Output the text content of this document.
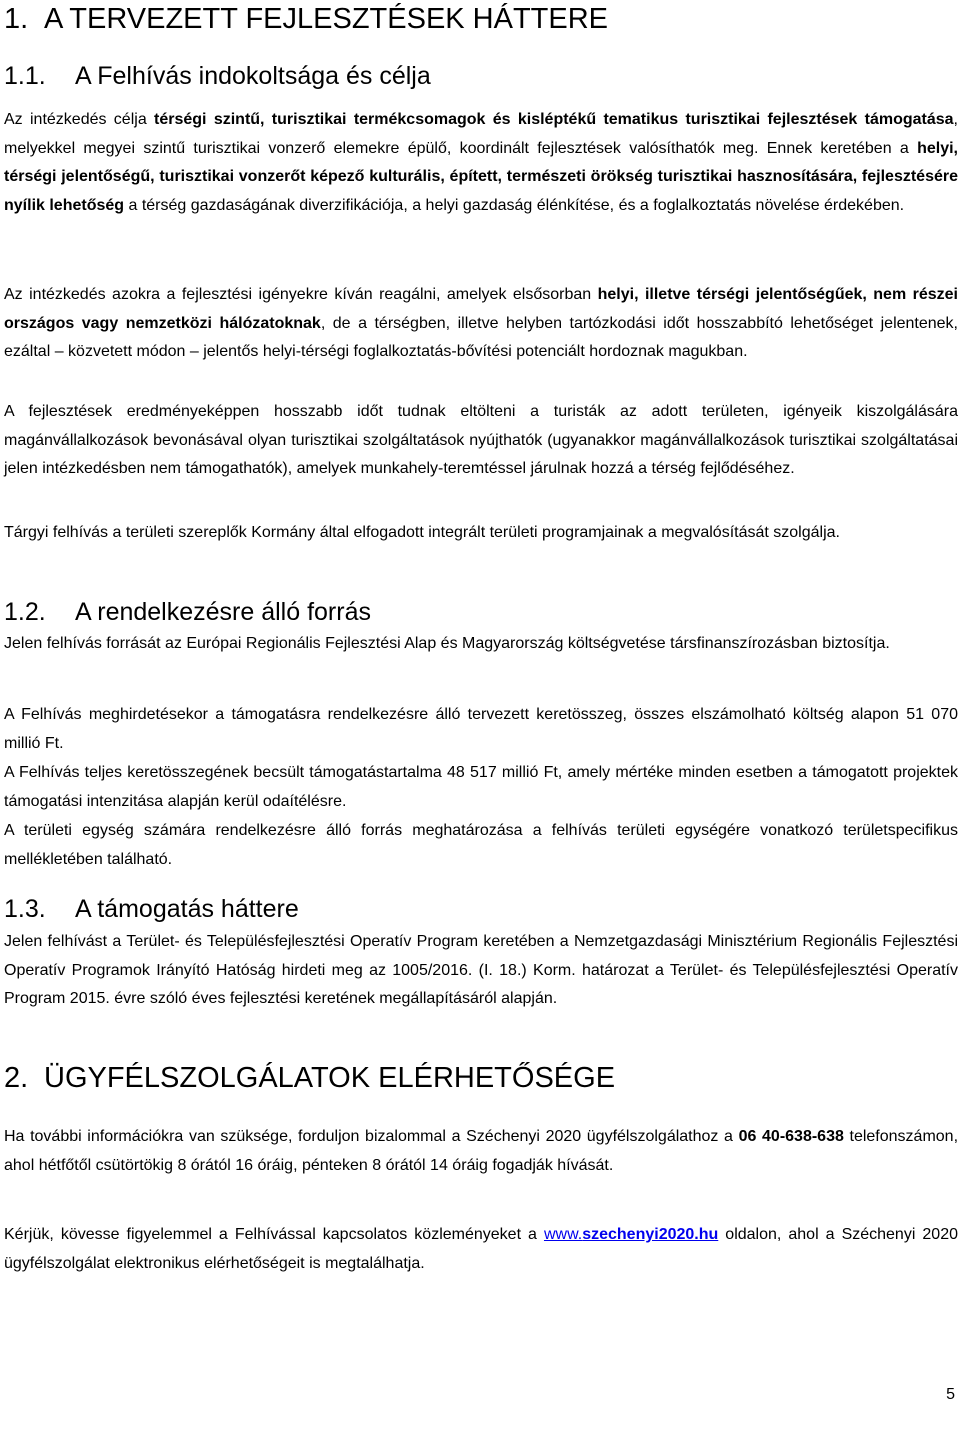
1. A TERVEZETT FEJLESZTÉSEK HÁTTERE
1.1. A Felhívás indokoltsága és célja

Az intézkedés célja térségi szintű, turisztikai termékcsomagok és kisléptékű tematikus turisztikai fejlesztések támogatása, melyekkel megyei szintű turisztikai vonzerő elemekre épülő, koordinált fejlesztések valósíthatók meg. Ennek keretében a helyi, térségi jelentőségű, turisztikai vonzerőt képező kulturális, épített, természeti örökség turisztikai hasznosítására, fejlesztésére nyílik lehetőség a térség gazdaságának diverzifikációja, a helyi gazdaság élénkítése, és a foglalkoztatás növelése érdekében.

Az intézkedés azokra a fejlesztési igényekre kíván reagálni, amelyek elsősorban helyi, illetve térségi jelentőségűek, nem részei országos vagy nemzetközi hálózatoknak, de a térségben, illetve helyben tartózkodási időt hosszabbító lehetőséget jelentenek, ezáltal – közvetett módon – jelentős helyi-térségi foglalkoztatás-bővítési potenciált hordoznak magukban.

A fejlesztések eredményeképpen hosszabb időt tudnak eltölteni a turisták az adott területen, igényeik kiszolgálására magánvállalkozások bevonásával olyan turisztikai szolgáltatások nyújthatók (ugyanakkor magánvállalkozások turisztikai szolgáltatásai jelen intézkedésben nem támogathatók), amelyek munkahely-teremtéssel járulnak hozzá a térség fejlődéséhez.

Tárgyi felhívás a területi szereplők Kormány által elfogadott integrált területi programjainak a megvalósítását szolgálja.

1.2. A rendelkezésre álló forrás

Jelen felhívás forrását az Európai Regionális Fejlesztési Alap és Magyarország költségvetése társfinanszírozásban biztosítja.

A Felhívás meghirdetésekor a támogatásra rendelkezésre álló tervezett keretösszeg, összes elszámolható költség alapon 51 070 millió Ft.

A Felhívás teljes keretösszegének becsült támogatástartalma 48 517 millió Ft, amely mértéke minden esetben a támogatott projektek támogatási intenzitása alapján kerül odaítélésre.

A területi egység számára rendelkezésre álló forrás meghatározása a felhívás területi egységére vonatkozó területspecifikus mellékletében található.

1.3. A támogatás háttere

Jelen felhívást a Terület- és Településfejlesztési Operatív Program keretében a Nemzetgazdasági Minisztérium Regionális Fejlesztési Operatív Programok Irányító Hatóság hirdeti meg az 1005/2016. (I. 18.) Korm. határozat a Terület- és Településfejlesztési Operatív Program 2015. évre szóló éves fejlesztési keretének megállapításáról alapján.

2. ÜGYFÉLSZOLGÁLATOK ELÉRHETŐSÉGE

Ha további információkra van szüksége, forduljon bizalommal a Széchenyi 2020 ügyfélszolgálathoz a 06 40-638-638 telefonszámon, ahol hétfőtől csütörtökig 8 órától 16 óráig, pénteken 8 órától 14 óráig fogadják hívását.

Kérjük, kövesse figyelemmel a Felhívással kapcsolatos közleményeket a www.szechenyi2020.hu oldalon, ahol a Széchenyi 2020 ügyfélszolgálat elektronikus elérhetőségeit is megtalálhatja.

5
